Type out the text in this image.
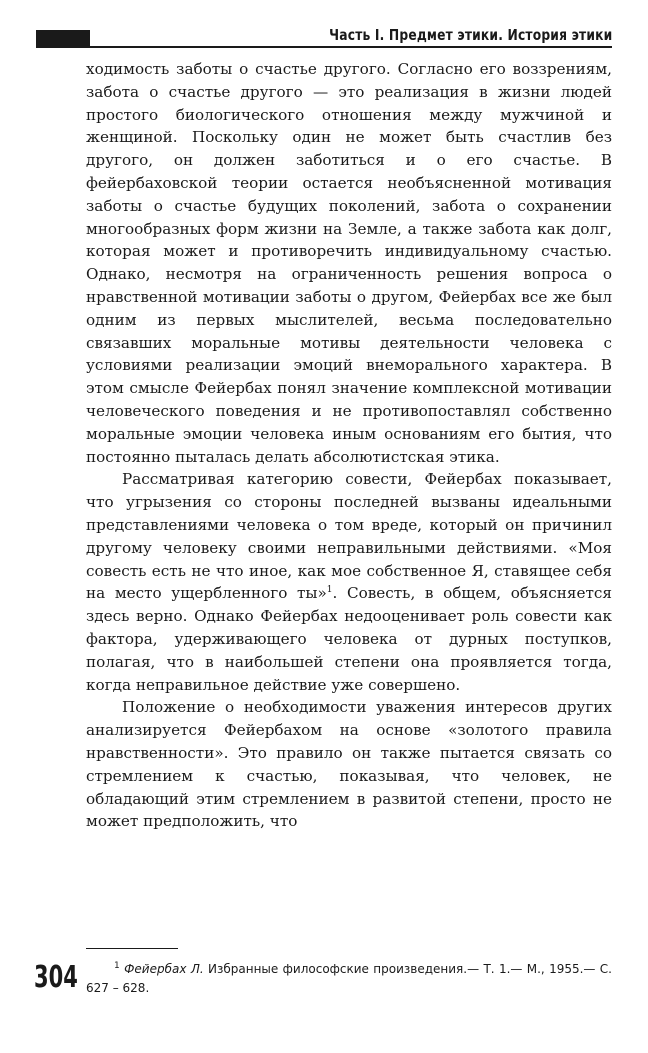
Часть I. Предмет этики. История этики

ходимость заботы о счастье другого. Согласно его воззрениям, забота о счастье другого — это реализация в жизни людей простого биологического отношения между мужчиной и женщиной. Поскольку один не может быть счастлив без другого, он должен заботиться и о его счастье. В фейербаховской теории остается необъясненной мотивация заботы о счастье будущих поколений, забота о сохранении многообразных форм жизни на Земле, а также забота как долг, которая может и противоречить индивидуальному счастью. Однако, несмотря на ограниченность решения вопроса о нравственной мотивации заботы о другом, Фейербах все же был одним из первых мыслителей, весьма последовательно связавших моральные мотивы деятельности человека с условиями реализации эмоций внеморального характера. В этом смысле Фейербах понял значение комплексной мотивации человеческого поведения и не противопоставлял собственно моральные эмоции человека иным основаниям его бытия, что постоянно пыталась делать абсолютистская этика.

Рассматривая категорию совести, Фейербах показывает, что угрызения со стороны последней вызваны идеальными представлениями человека о том вреде, который он причинил другому человеку своими неправильными действиями. «Моя совесть есть не что иное, как мое собственное Я, ставящее себя на место ущербленного ты»$^1$. Совесть, в общем, объясняется здесь верно. Однако Фейербах недооценивает роль совести как фактора, удерживающего человека от дурных поступков, полагая, что в наибольшей степени она проявляется тогда, когда неправильное действие уже совершено.

Положение о необходимости уважения интересов других анализируется Фейербахом на основе «золотого правила нравственности». Это правило он также пытается связать со стремлением к счастью, показывая, что человек, не обладающий этим стремлением в развитой степени, просто не может предположить, что

304	$^1$ Фейербах Л. Избранные философские произведения.— Т. 1.— М., 1955.— С. 627 – 628.
